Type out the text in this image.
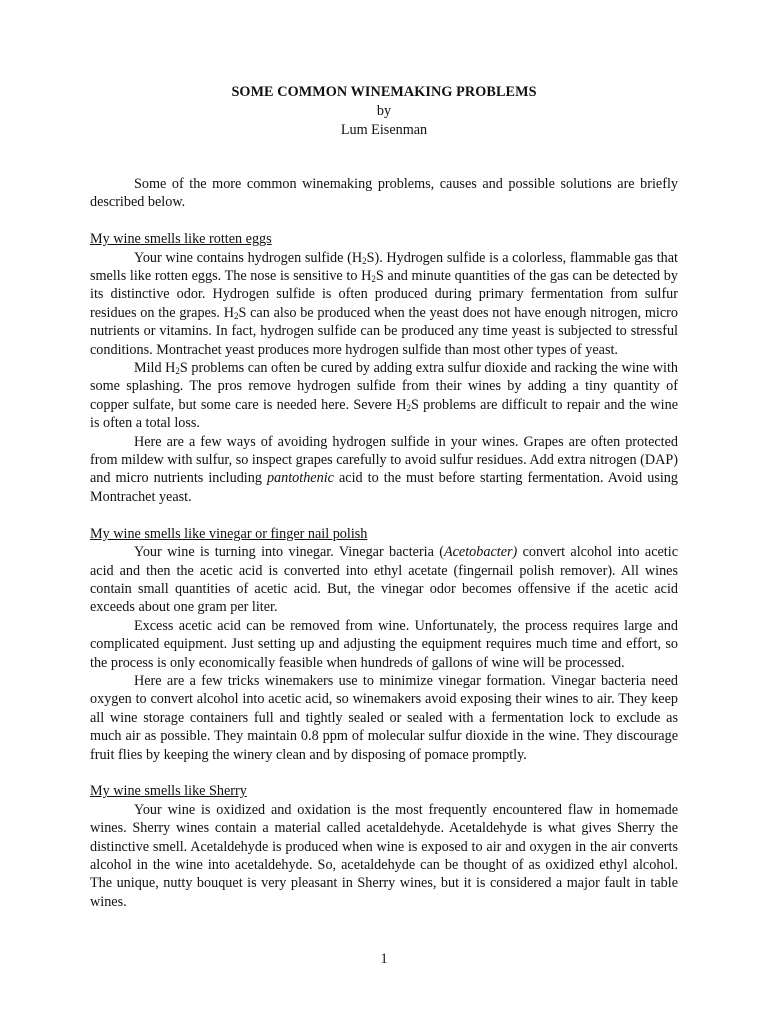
SOME COMMON WINEMAKING PROBLEMS
by
Lum Eisenman

Some of the more common winemaking problems, causes and possible solutions are briefly described below.

My wine smells like rotten eggs

Your wine contains hydrogen sulfide $(H_2S)$. Hydrogen sulfide is a colorless, flammable gas that smells like rotten eggs. The nose is sensitive to $H_2S$ and minute quantities of the gas can be detected by its distinctive odor. Hydrogen sulfide is often produced during primary fermentation from sulfur residues on the grapes. $H_2S$ can also be produced when the yeast does not have enough nitrogen, micro nutrients or vitamins. In fact, hydrogen sulfide can be produced any time yeast is subjected to stressful conditions. Montrachet yeast produces more hydrogen sulfide than most other types of yeast.

Mild $H_2S$ problems can often be cured by adding extra sulfur dioxide and racking the wine with some splashing. The pros remove hydrogen sulfide from their wines by adding a tiny quantity of copper sulfate, but some care is needed here. Severe $H_2S$ problems are difficult to repair and the wine is often a total loss.

Here are a few ways of avoiding hydrogen sulfide in your wines. Grapes are often protected from mildew with sulfur, so inspect grapes carefully to avoid sulfur residues. Add extra nitrogen (DAP) and micro nutrients including pantothenic acid to the must before starting fermentation. Avoid using Montrachet yeast.

My wine smells like vinegar or finger nail polish

Your wine is turning into vinegar. Vinegar bacteria (Acetobacter) convert alcohol into acetic acid and then the acetic acid is converted into ethyl acetate (fingernail polish remover). All wines contain small quantities of acetic acid. But, the vinegar odor becomes offensive if the acetic acid exceeds about one gram per liter.

Excess acetic acid can be removed from wine. Unfortunately, the process requires large and complicated equipment. Just setting up and adjusting the equipment requires much time and effort, so the process is only economically feasible when hundreds of gallons of wine will be processed.

Here are a few tricks winemakers use to minimize vinegar formation. Vinegar bacteria need oxygen to convert alcohol into acetic acid, so winemakers avoid exposing their wines to air. They keep all wine storage containers full and tightly sealed or sealed with a fermentation lock to exclude as much air as possible. They maintain 0.8 ppm of molecular sulfur dioxide in the wine. They discourage fruit flies by keeping the winery clean and by disposing of pomace promptly.

My wine smells like Sherry

Your wine is oxidized and oxidation is the most frequently encountered flaw in homemade wines. Sherry wines contain a material called acetaldehyde. Acetaldehyde is what gives Sherry the distinctive smell. Acetaldehyde is produced when wine is exposed to air and oxygen in the air converts alcohol in the wine into acetaldehyde. So, acetaldehyde can be thought of as oxidized ethyl alcohol. The unique, nutty bouquet is very pleasant in Sherry wines, but it is considered a major fault in table wines.

1
